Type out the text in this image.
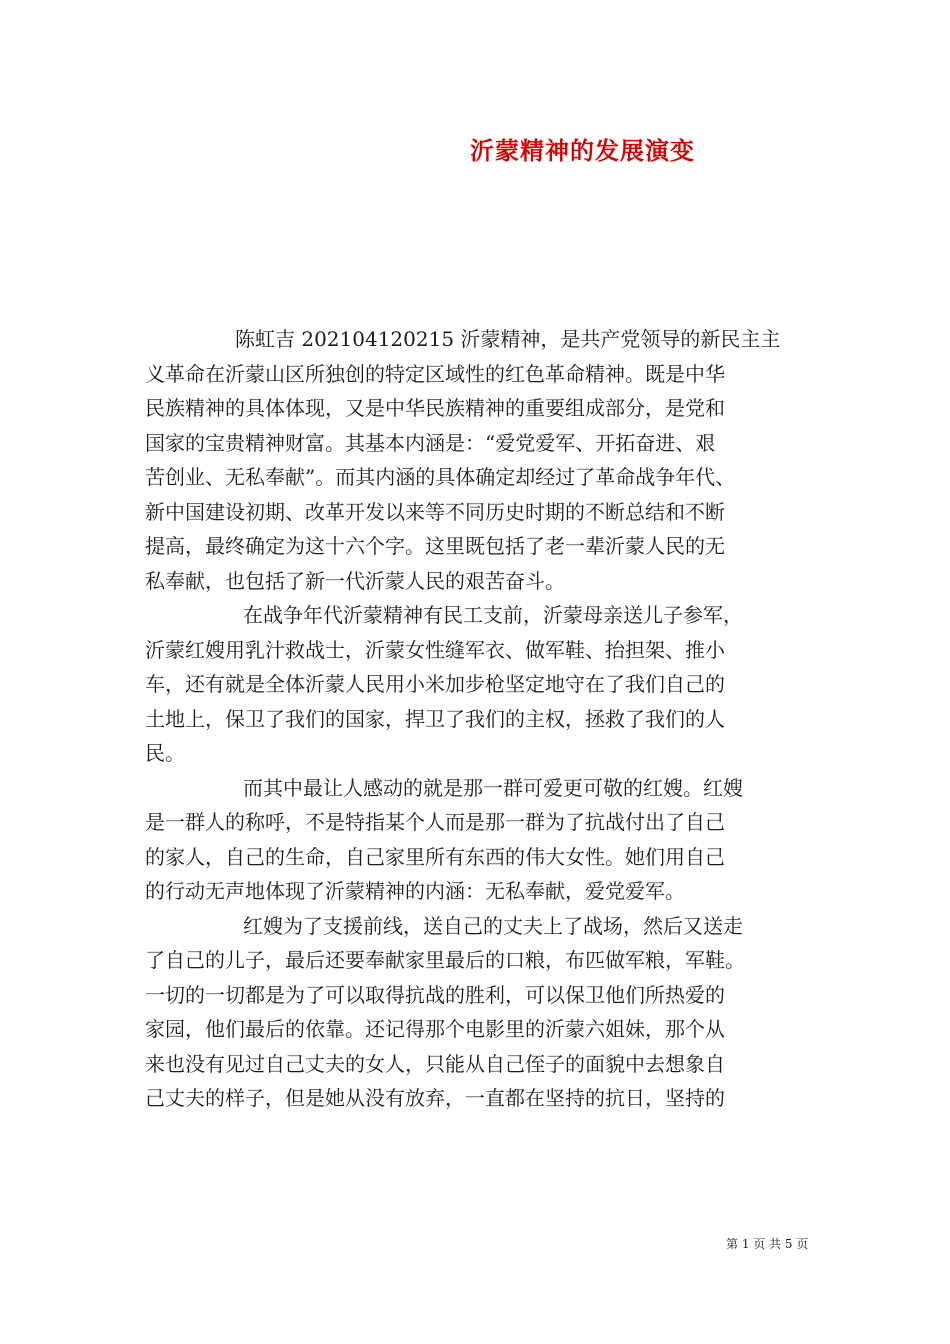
沂蒙精神的发展演变
陈虹吉 202104120215 沂蒙精神，是共产党领导的新民主主
义革命在沂蒙山区所独创的特定区域性的红色革命精神。既是中华
民族精神的具体体现，又是中华民族精神的重要组成部分，是党和
国家的宝贵精神财富。其基本内涵是：“爱党爱军、开拓奋进、艰
苦创业、无私奉献”。而其内涵的具体确定却经过了革命战争年代、
新中国建设初期、改革开发以来等不同历史时期的不断总结和不断
提高，最终确定为这十六个字。这里既包括了老一辈沂蒙人民的无
私奉献，也包括了新一代沂蒙人民的艰苦奋斗。
在战争年代沂蒙精神有民工支前，沂蒙母亲送儿子参军，
沂蒙红嫂用乳汁救战士，沂蒙女性缝军衣、做军鞋、抬担架、推小
车，还有就是全体沂蒙人民用小米加步枪坚定地守在了我们自己的
土地上，保卫了我们的国家，捍卫了我们的主权，拯救了我们的人
民。
而其中最让人感动的就是那一群可爱更可敬的红嫂。红嫂
是一群人的称呼，不是特指某个人而是那一群为了抗战付出了自己
的家人，自己的生命，自己家里所有东西的伟大女性。她们用自己
的行动无声地体现了沂蒙精神的内涵：无私奉献，爱党爱军。
红嫂为了支援前线，送自己的丈夫上了战场，然后又送走
了自己的儿子，最后还要奉献家里最后的口粮，布匹做军粮，军鞋。
一切的一切都是为了可以取得抗战的胜利，可以保卫他们所热爱的
家园，他们最后的依靠。还记得那个电影里的沂蒙六姐妹，那个从
来也没有见过自己丈夫的女人，只能从自己侄子的面貌中去想象自
己丈夫的样子，但是她从没有放弃，一直都在坚持的抗日，坚持的
第 1 页 共 5 页
